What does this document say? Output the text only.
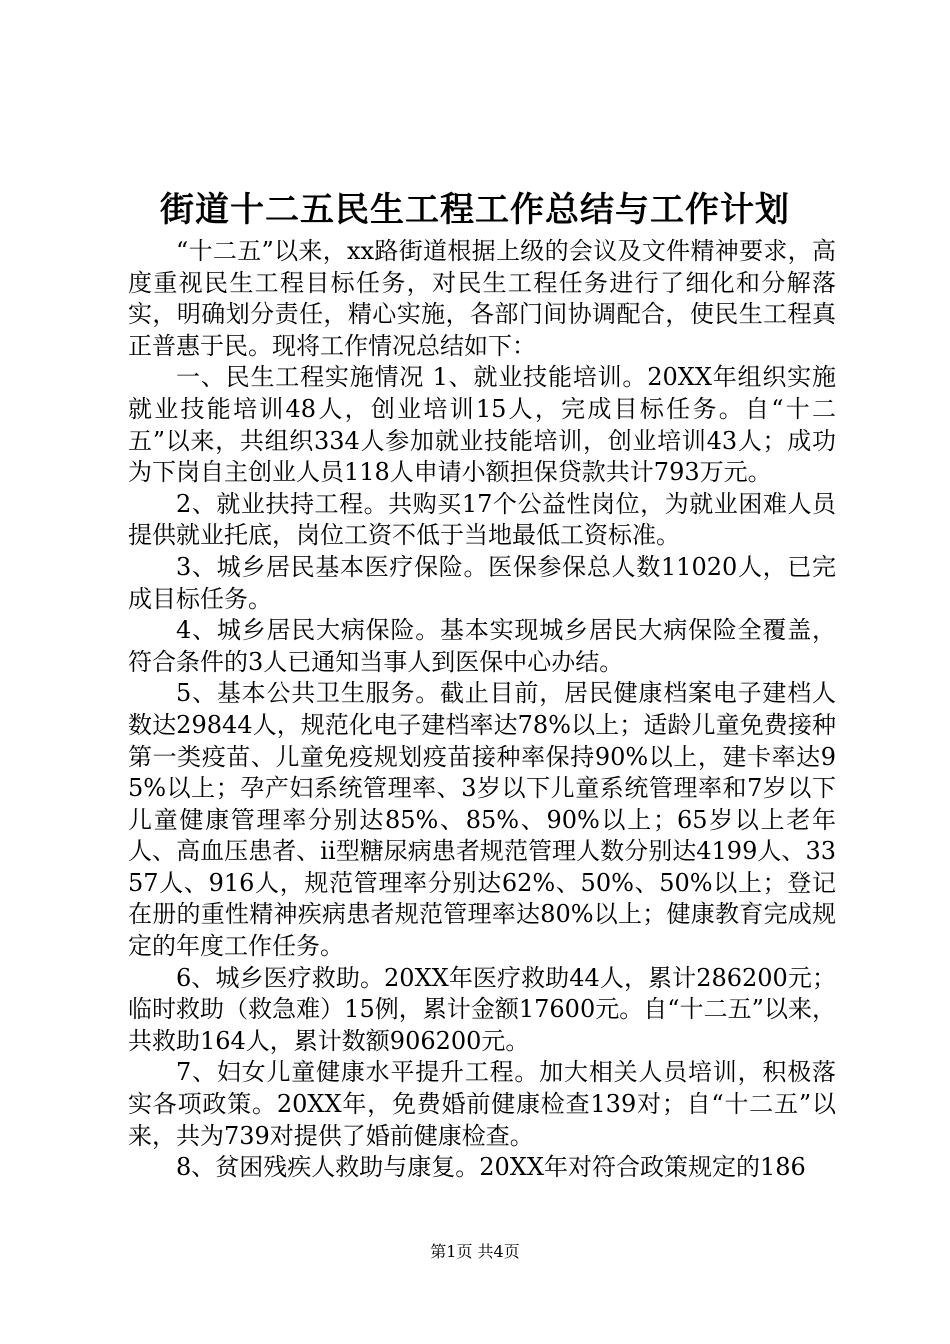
街道十二五民生工程工作总结与工作计划

“十二五”以来，xx路街道根据上级的会议及文件精神要求，高度重视民生工程目标任务，对民生工程任务进行了细化和分解落实，明确划分责任，精心实施，各部门间协调配合，使民生工程真正普惠于民。现将工作情况总结如下：

一、民生工程实施情况 1、就业技能培训。20XX年组织实施就业技能培训48人，创业培训15人，完成目标任务。自“十二五”以来，共组织334人参加就业技能培训，创业培训43人；成功为下岗自主创业人员118人申请小额担保贷款共计793万元。

2、就业扶持工程。共购买17个公益性岗位，为就业困难人员提供就业托底，岗位工资不低于当地最低工资标准。

3、城乡居民基本医疗保险。医保参保总人数11020人，已完成目标任务。

4、城乡居民大病保险。基本实现城乡居民大病保险全覆盖，符合条件的3人已通知当事人到医保中心办结。

5、基本公共卫生服务。截止目前，居民健康档案电子建档人数达29844人，规范化电子建档率达78%以上；适龄儿童免费接种第一类疫苗、儿童免疫规划疫苗接种率保持90%以上，建卡率达95%以上；孕产妇系统管理率、3岁以下儿童系统管理率和7岁以下儿童健康管理率分别达85%、85%、90%以上；65岁以上老年人、高血压患者、ii型糖尿病患者规范管理人数分别达4199人、3357人、916人，规范管理率分别达62%、50%、50%以上；登记在册的重性精神疾病患者规范管理率达80%以上；健康教育完成规定的年度工作任务。

6、城乡医疗救助。20XX年医疗救助44人，累计286200元；临时救助（救急难）15例，累计金额17600元。自“十二五”以来，共救助164人，累计数额906200元。

7、妇女儿童健康水平提升工程。加大相关人员培训，积极落实各项政策。20XX年，免费婚前健康检查139对；自“十二五”以来，共为739对提供了婚前健康检查。

8、贫困残疾人救助与康复。20XX年对符合政策规定的186

第1页 共4页
